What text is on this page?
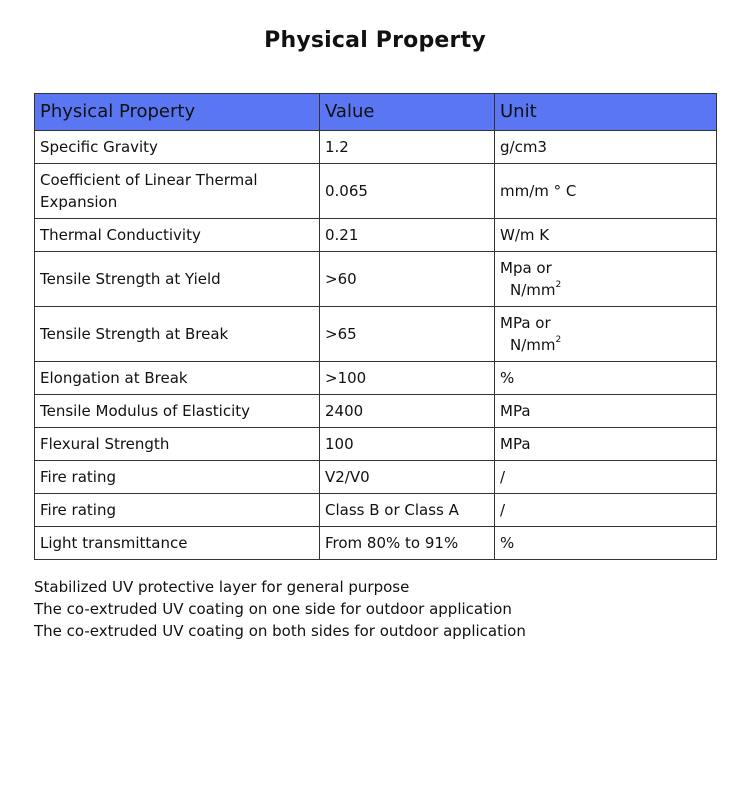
Physical Property
Physical Property	Value	Unit
Specific Gravity	1.2	g/cm3
Coefficient of Linear Thermal Expansion	0.065	mm/m ° C
Thermal Conductivity	0.21	W/m K
Tensile Strength at Yield	>60	Mpa or
$N/mm^2$

Tensile Strength at Break	>65	MPa or
$N/mm^2$

Elongation at Break	>100	%
Tensile Modulus of Elasticity	2400	MPa
Flexural Strength	100	MPa
Fire rating	V2/V0	/
Fire rating	Class B or Class A	/
Light transmittance	From 80% to 91%	%
Stabilized UV protective layer for general purpose
The co-extruded UV coating on one side for outdoor application
The co-extruded UV coating on both sides for outdoor application
